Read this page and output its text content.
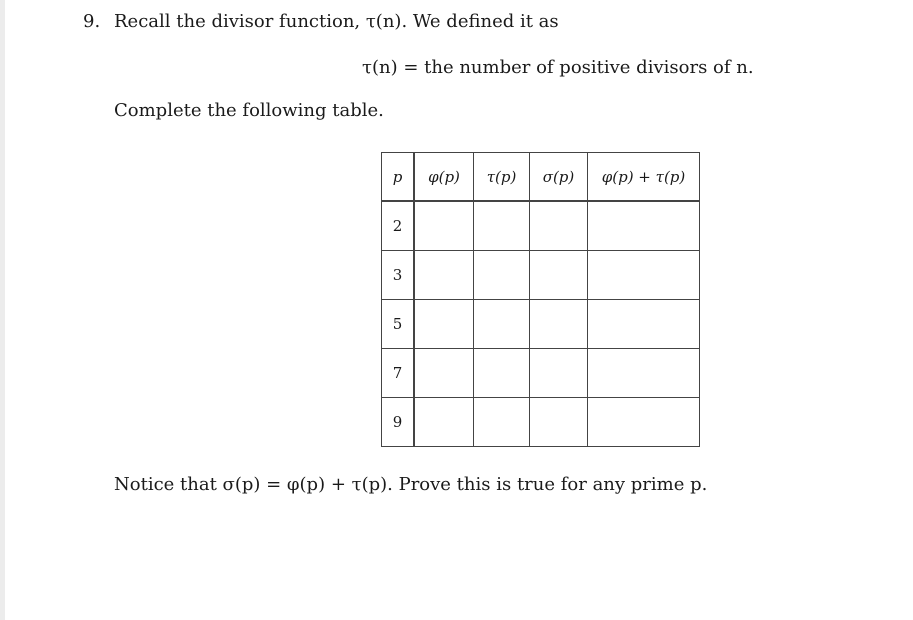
9. Recall the divisor function, τ(n). We defined it as
τ(n) = the number of positive divisors of n.
Complete the following table.
p	φ(p)	τ(p)	σ(p)	φ(p) + τ(p)
2				
3				
5				
7				
9				
Notice that σ(p) = φ(p) + τ(p). Prove this is true for any prime p.
